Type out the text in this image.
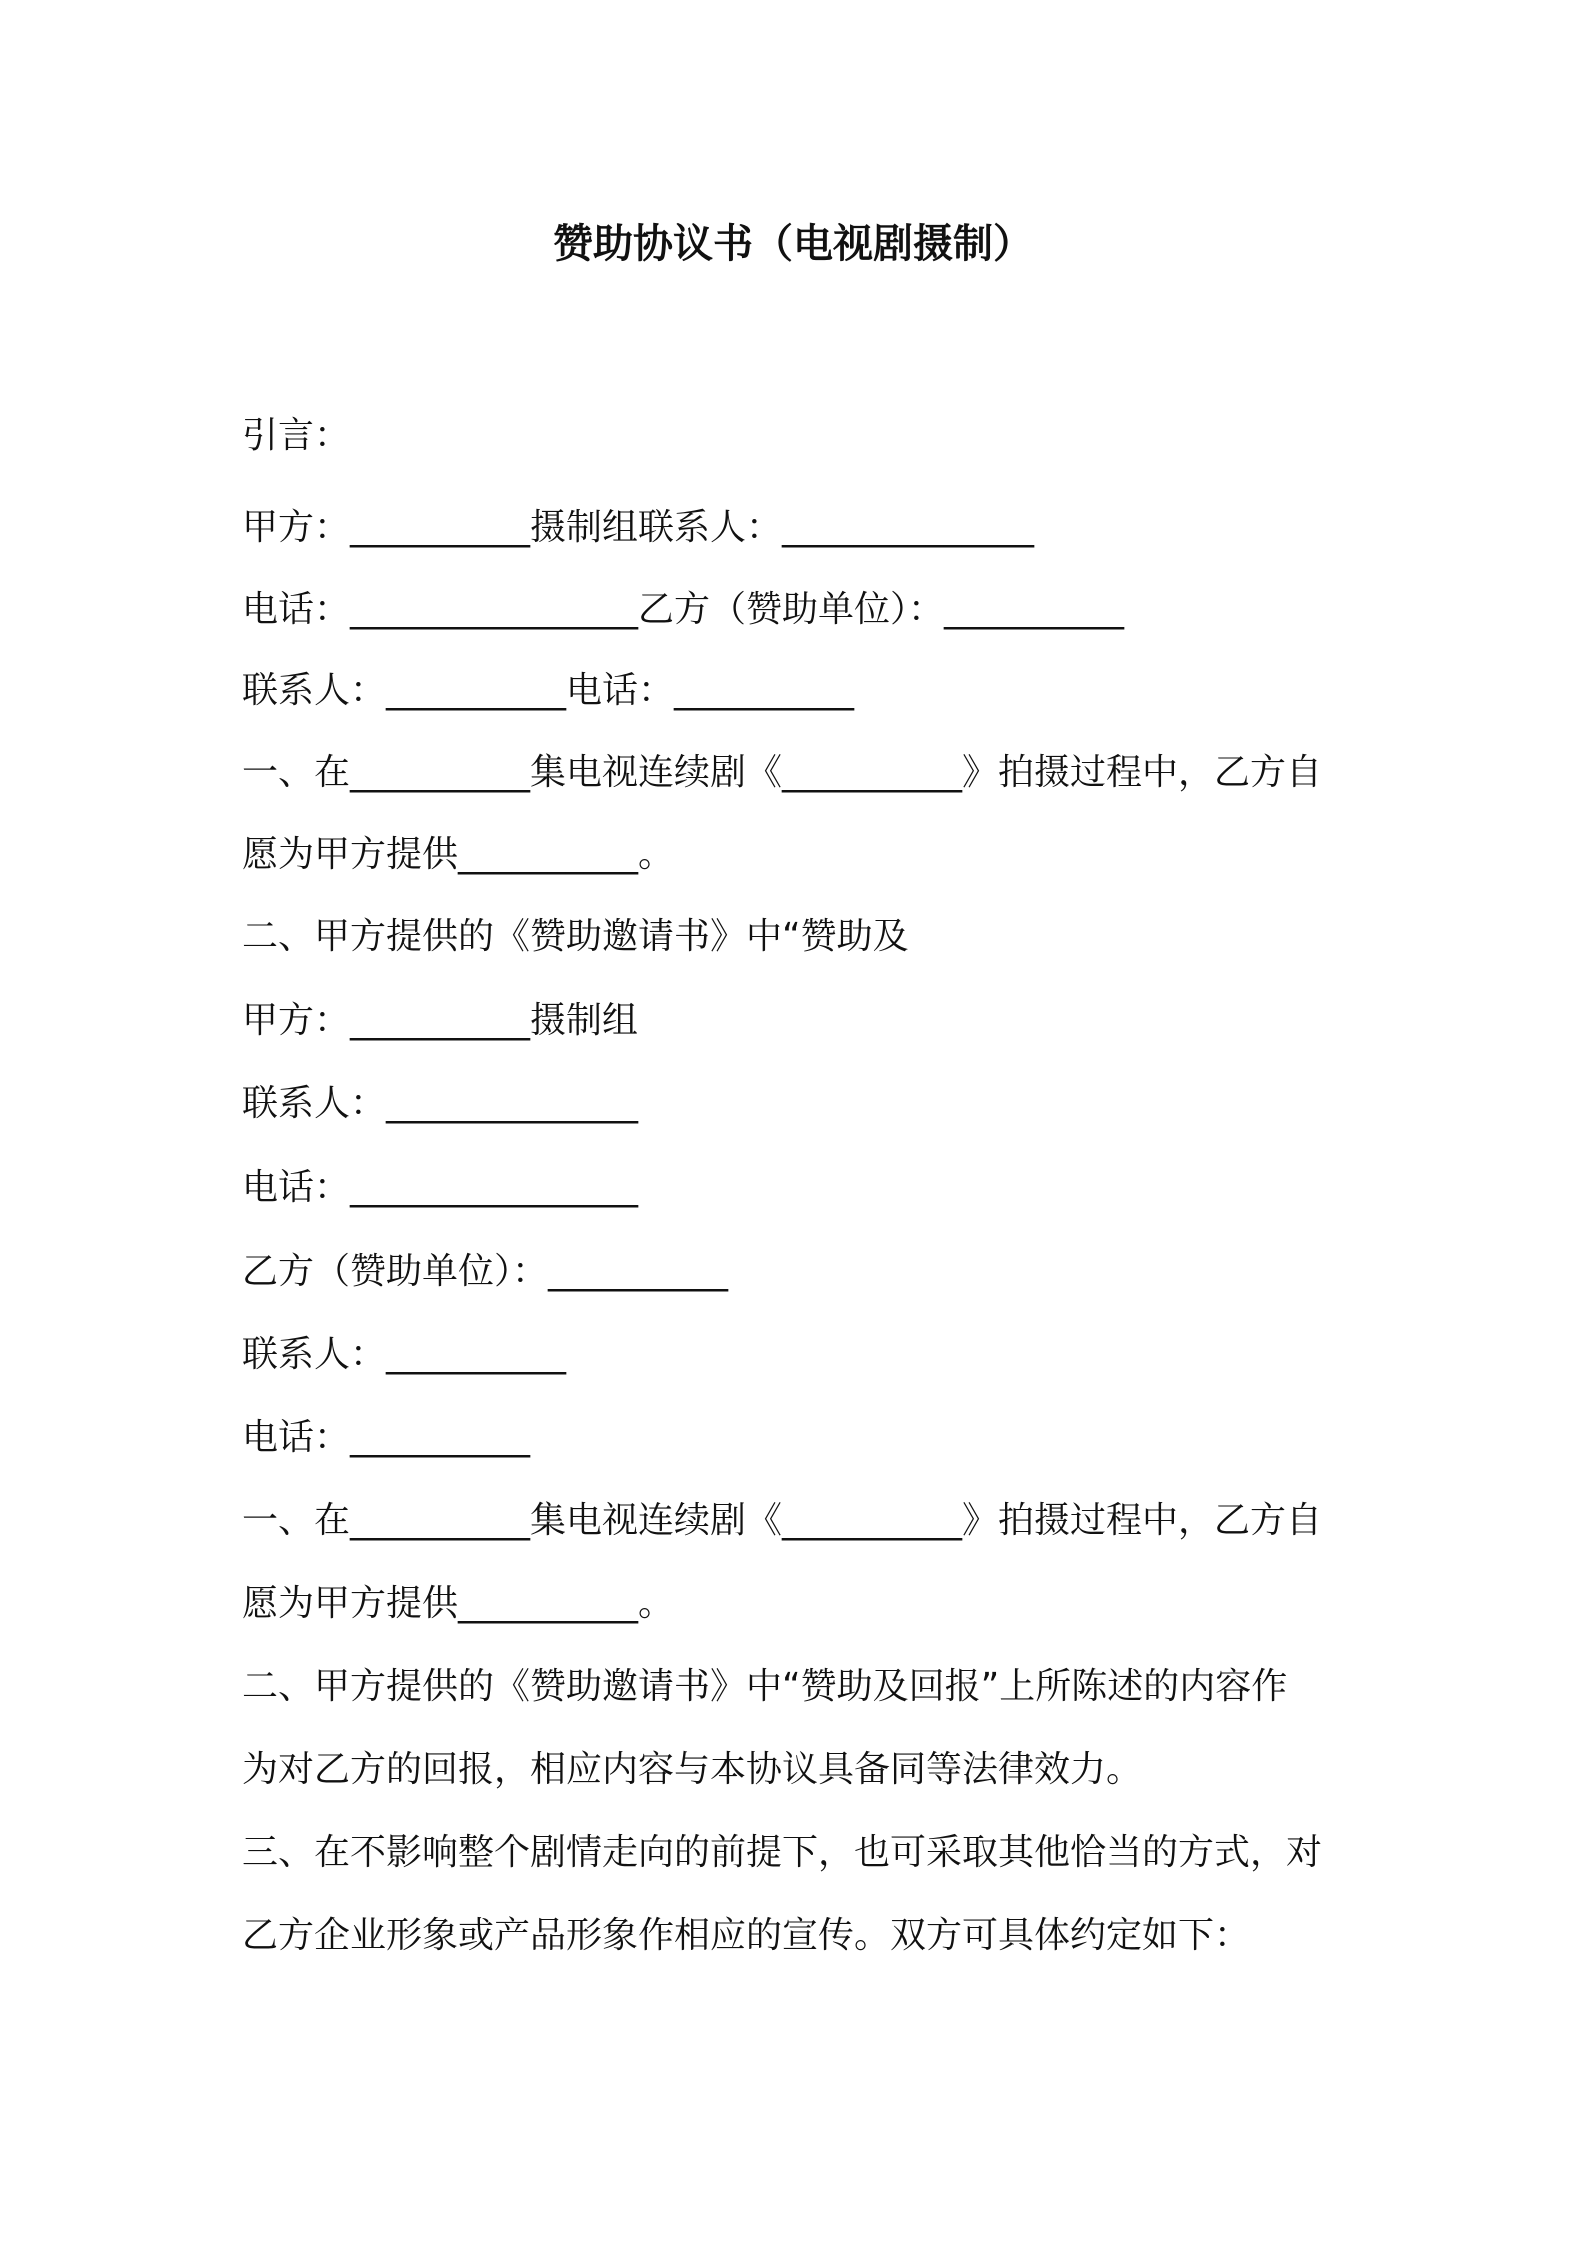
赞助协议书（电视剧摄制）
引言：
甲方：__________摄制组联系人：______________
电话：________________乙方（赞助单位）：__________
联系人：__________电话：__________
一、在__________集电视连续剧《__________》拍摄过程中，乙方自
愿为甲方提供__________。
二、甲方提供的《赞助邀请书》中“赞助及
甲方：__________摄制组
联系人：______________
电话：________________
乙方（赞助单位）：__________
联系人：__________
电话：__________
一、在__________集电视连续剧《__________》拍摄过程中，乙方自
愿为甲方提供__________。
二、甲方提供的《赞助邀请书》中“赞助及回报”上所陈述的内容作
为对乙方的回报，相应内容与本协议具备同等法律效力。
三、在不影响整个剧情走向的前提下，也可采取其他恰当的方式，对
乙方企业形象或产品形象作相应的宣传。双方可具体约定如下：
